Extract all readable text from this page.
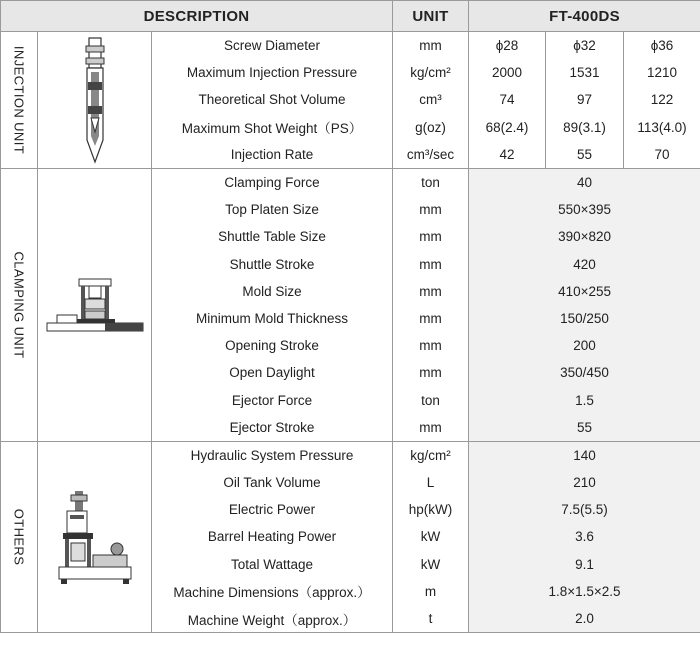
DESCRIPTION			UNIT	FT-400DS		

INJECTION UNIT		Screw Diameter	mm	ϕ28	ϕ32	ϕ36
		Maximum Injection Pressure	kg/cm²	2000	1531	1210
		Theoretical Shot Volume	cm³	74	97	122
		Maximum Shot Weight（PS）	g(oz)	68(2.4)	89(3.1)	113(4.0)
		Injection Rate	cm³/sec	42	55	70

CLAMPING UNIT		Clamping Force	ton	40		
		Top Platen Size	mm	550×395		
		Shuttle Table Size	mm	390×820		
		Shuttle Stroke	mm	420		
		Mold Size	mm	410×255		
		Minimum Mold Thickness	mm	150/250		
		Opening Stroke	mm	200		
		Open Daylight	mm	350/450		
		Ejector Force	ton	1.5		
		Ejector Stroke	mm	55		

OTHERS		Hydraulic System Pressure	kg/cm²	140		
		Oil Tank Volume	L	210		
		Electric Power	hp(kW)	7.5(5.5)		
		Barrel Heating Power	kW	3.6		
		Total Wattage	kW	9.1		
		Machine Dimensions（approx.）	m	1.8×1.5×2.5		
		Machine Weight（approx.）	t	2.0		
